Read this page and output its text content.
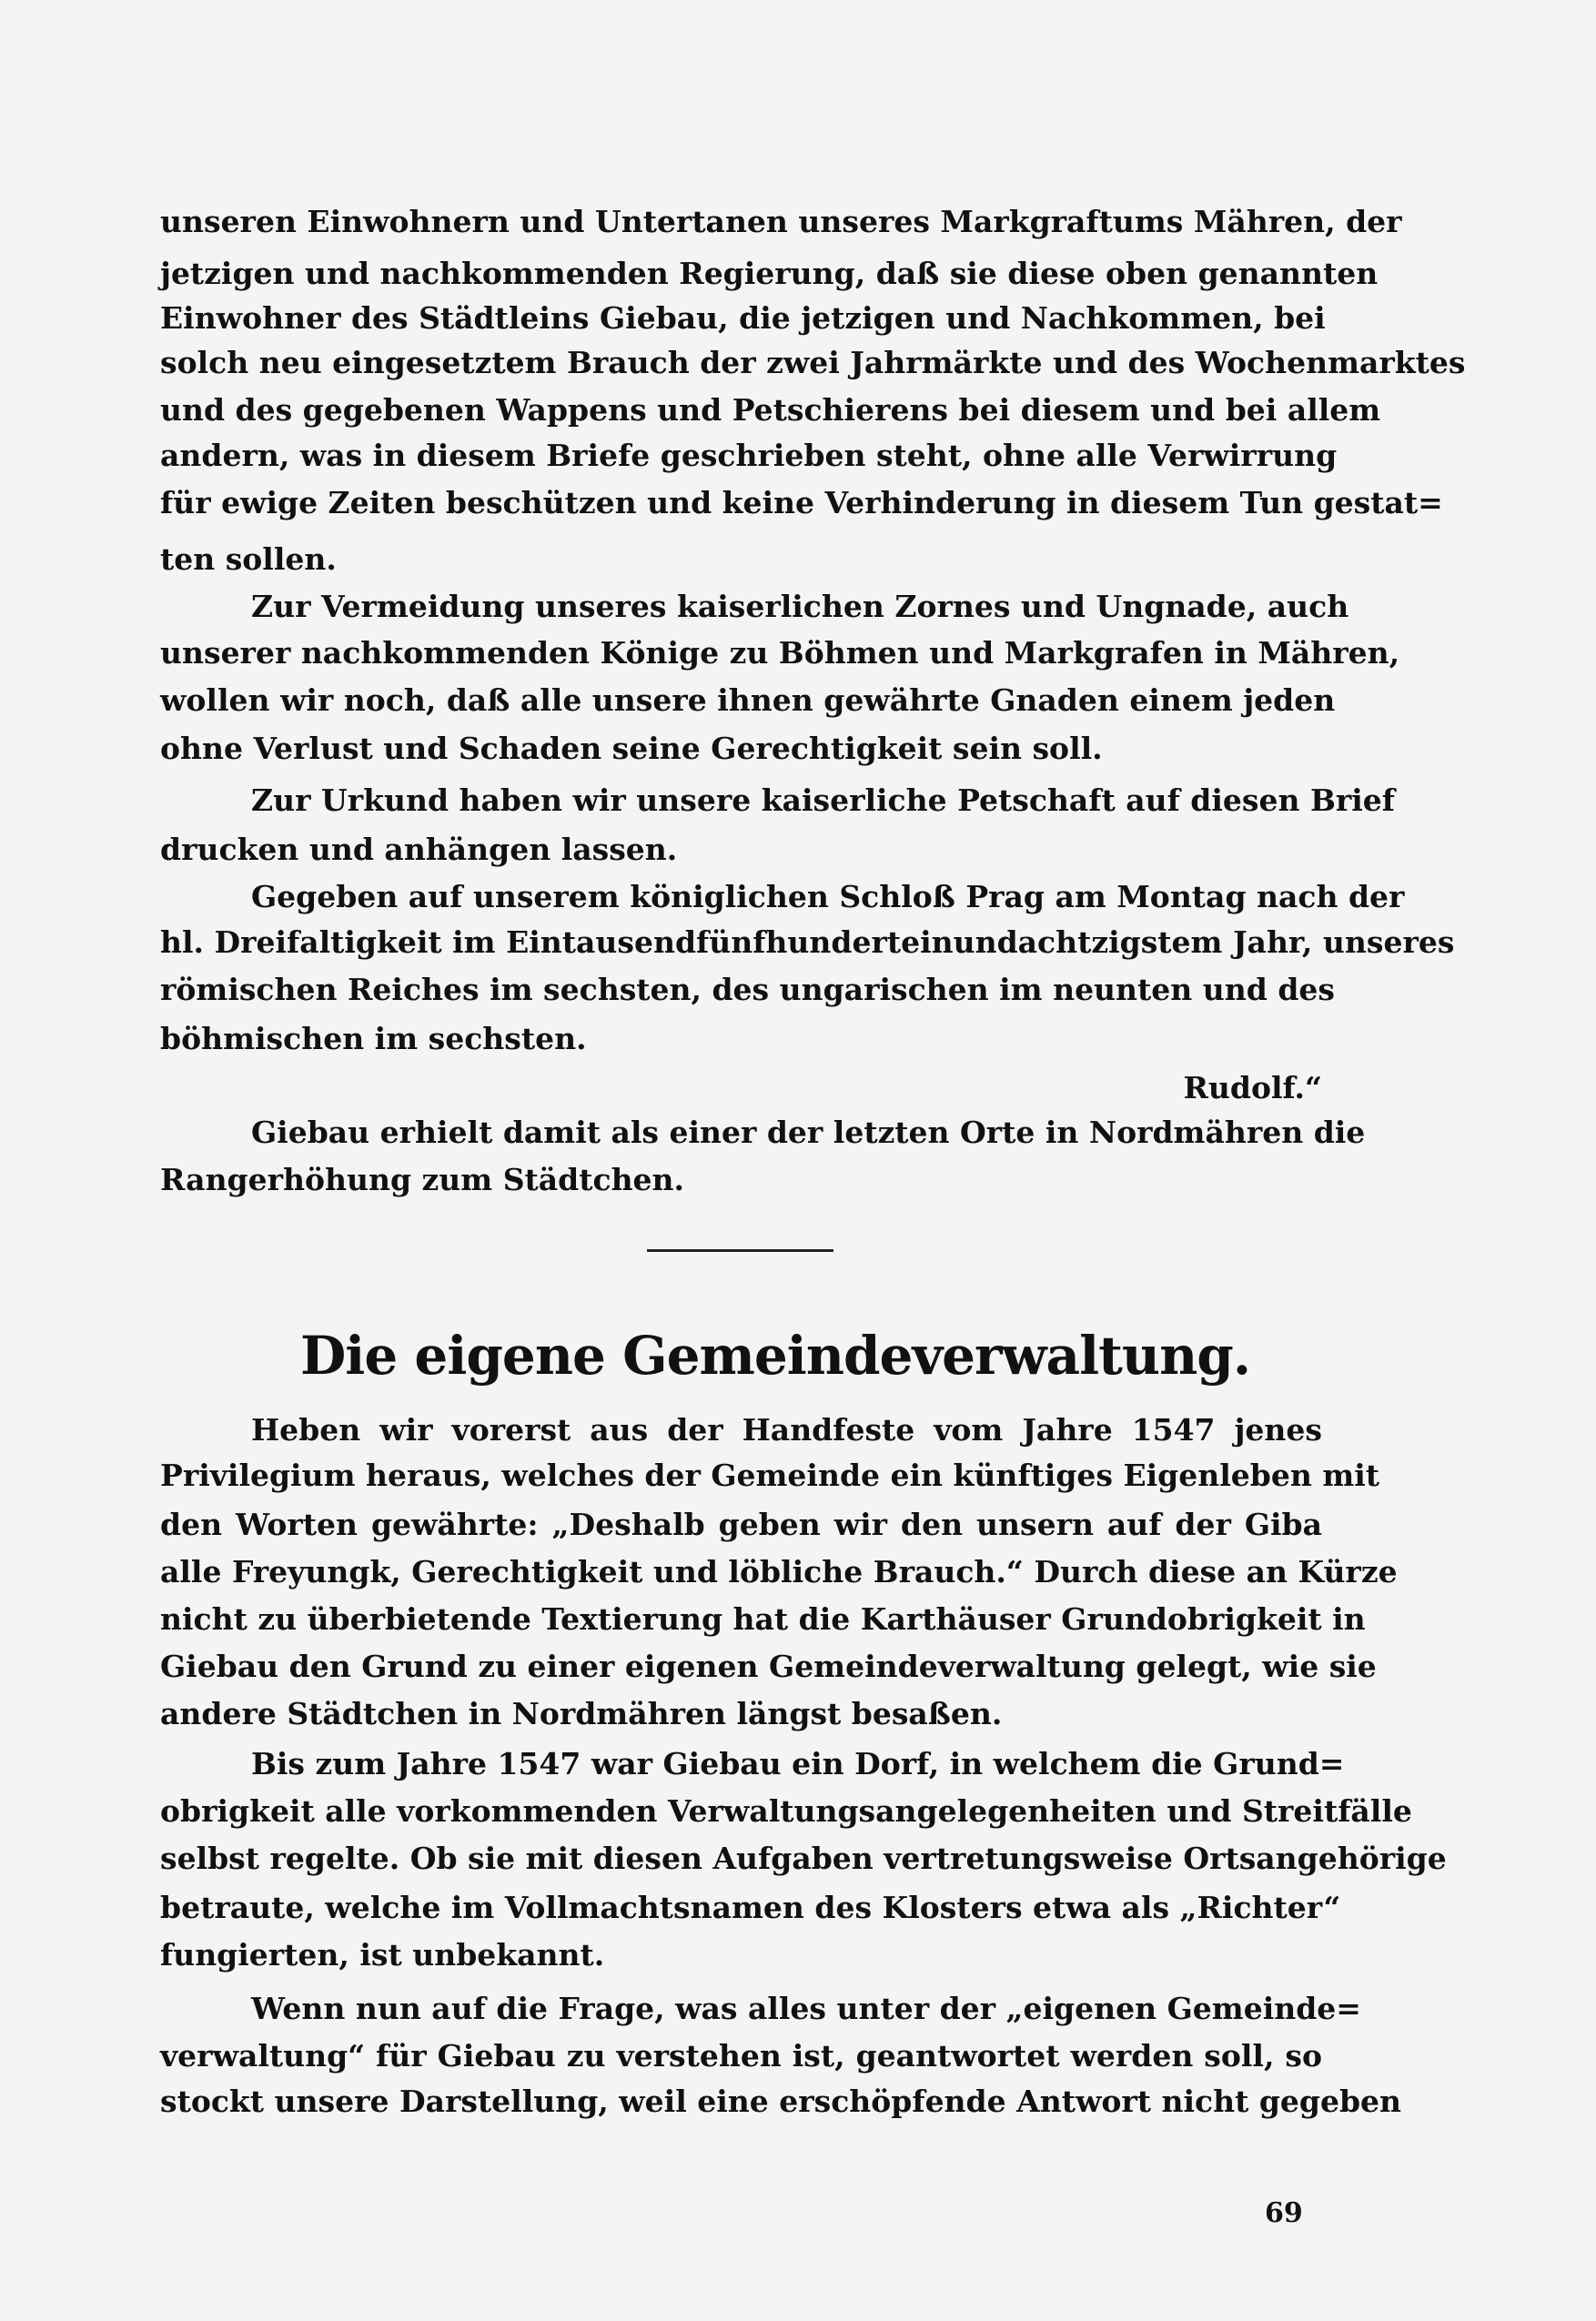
unseren Einwohnern und Untertanen unseres Markgraftums Mähren, der
jetzigen und nachkommenden Regierung, daß sie diese oben genannten
Einwohner des Städtleins Giebau, die jetzigen und Nachkommen, bei
solch neu eingesetztem Brauch der zwei Jahrmärkte und des Wochenmarktes
und des gegebenen Wappens und Petschierens bei diesem und bei allem
andern, was in diesem Briefe geschrieben steht, ohne alle Verwirrung
für ewige Zeiten beschützen und keine Verhinderung in diesem Tun gestat=
ten sollen.
Zur Vermeidung unseres kaiserlichen Zornes und Ungnade, auch
unserer nachkommenden Könige zu Böhmen und Markgrafen in Mähren,
wollen wir noch, daß alle unsere ihnen gewährte Gnaden einem jeden
ohne Verlust und Schaden seine Gerechtigkeit sein soll.
Zur Urkund haben wir unsere kaiserliche Petschaft auf diesen Brief
drucken und anhängen lassen.
Gegeben auf unserem königlichen Schloß Prag am Montag nach der
hl. Dreifaltigkeit im Eintausendfünfhunderteinundachtzigstem Jahr, unseres
römischen Reiches im sechsten, des ungarischen im neunten und des
böhmischen im sechsten.
Rudolf.“
Giebau erhielt damit als einer der letzten Orte in Nordmähren die
Rangerhöhung zum Städtchen.
Die eigene Gemeindeverwaltung.
Heben wir vorerst aus der Handfeste vom Jahre 1547 jenes
Privilegium heraus, welches der Gemeinde ein künftiges Eigenleben mit
den Worten gewährte: „Deshalb geben wir den unsern auf der Giba
alle Freyungk, Gerechtigkeit und löbliche Brauch.“ Durch diese an Kürze
nicht zu überbietende Textierung hat die Karthäuser Grundobrigkeit in
Giebau den Grund zu einer eigenen Gemeindeverwaltung gelegt, wie sie
andere Städtchen in Nordmähren längst besaßen.
Bis zum Jahre 1547 war Giebau ein Dorf, in welchem die Grund=
obrigkeit alle vorkommenden Verwaltungsangelegenheiten und Streitfälle
selbst regelte. Ob sie mit diesen Aufgaben vertretungsweise Ortsangehörige
betraute, welche im Vollmachtsnamen des Klosters etwa als „Richter“
fungierten, ist unbekannt.
Wenn nun auf die Frage, was alles unter der „eigenen Gemeinde=
verwaltung“ für Giebau zu verstehen ist, geantwortet werden soll, so
stockt unsere Darstellung, weil eine erschöpfende Antwort nicht gegeben
69
